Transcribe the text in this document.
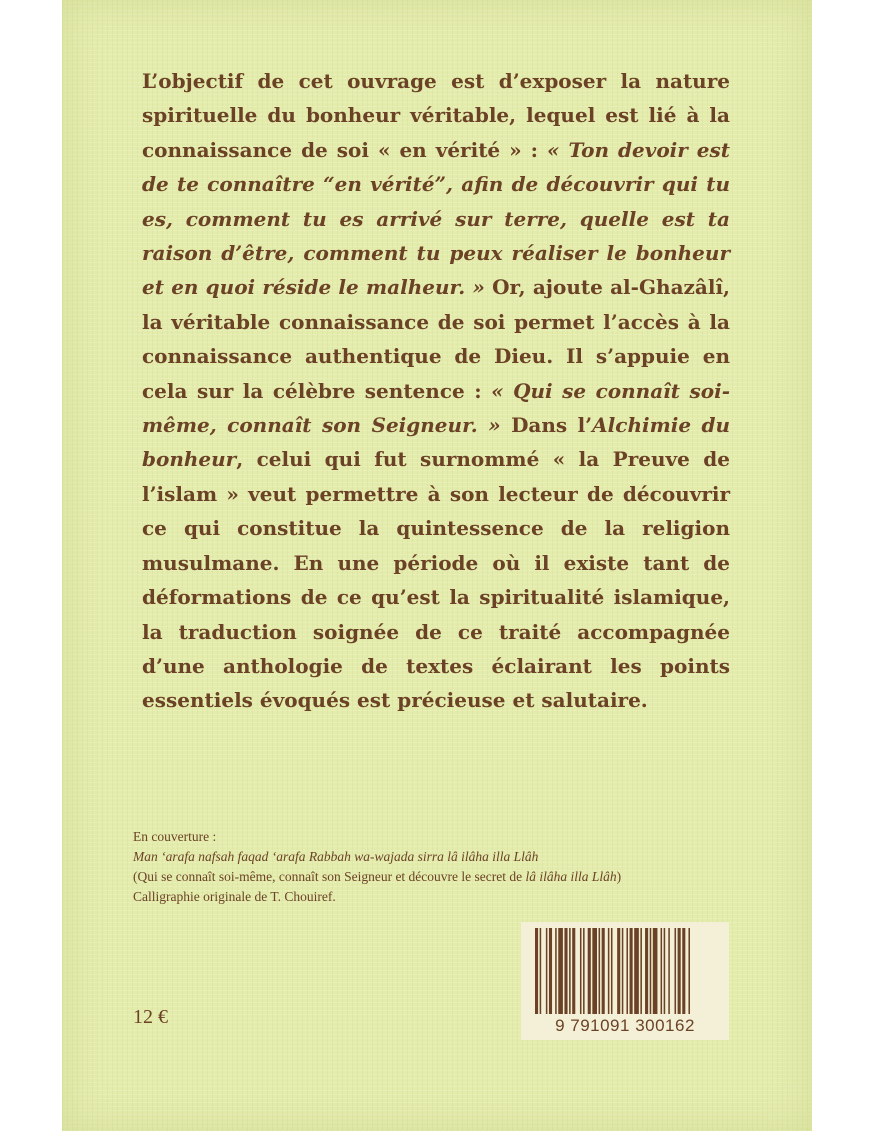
L’objectif de cet ouvrage est d’exposer la nature spirituelle du bonheur véritable, lequel est lié à la connaissance de soi « en vérité » : « Ton devoir est de te connaître “en vérité”, afin de découvrir qui tu es, comment tu es arrivé sur terre, quelle est ta raison d’être, comment tu peux réaliser le bonheur et en quoi réside le malheur. » Or, ajoute al-Ghazâlî, la véritable connaissance de soi permet l’accès à la connaissance authentique de Dieu. Il s’appuie en cela sur la célèbre sentence : « Qui se connaît soi-même, connaît son Seigneur. » Dans l’Alchimie du bonheur, celui qui fut surnommé « la Preuve de l’islam » veut permettre à son lecteur de découvrir ce qui constitue la quintessence de la religion musulmane. En une période où il existe tant de déformations de ce qu’est la spiritualité islamique, la traduction soignée de ce traité accompagnée d’une anthologie de textes éclairant les points essentiels évoqués est précieuse et salutaire.

En couverture :
Man ‘arafa nafsah faqad ‘arafa Rabbah wa-wajada sirra lâ ilâha illa Llâh
(Qui se connaît soi-même, connaît son Seigneur et découvre le secret de lâ ilâha illa Llâh)
Calligraphie originale de T. Chouiref.
12 €	9 791091 300162
